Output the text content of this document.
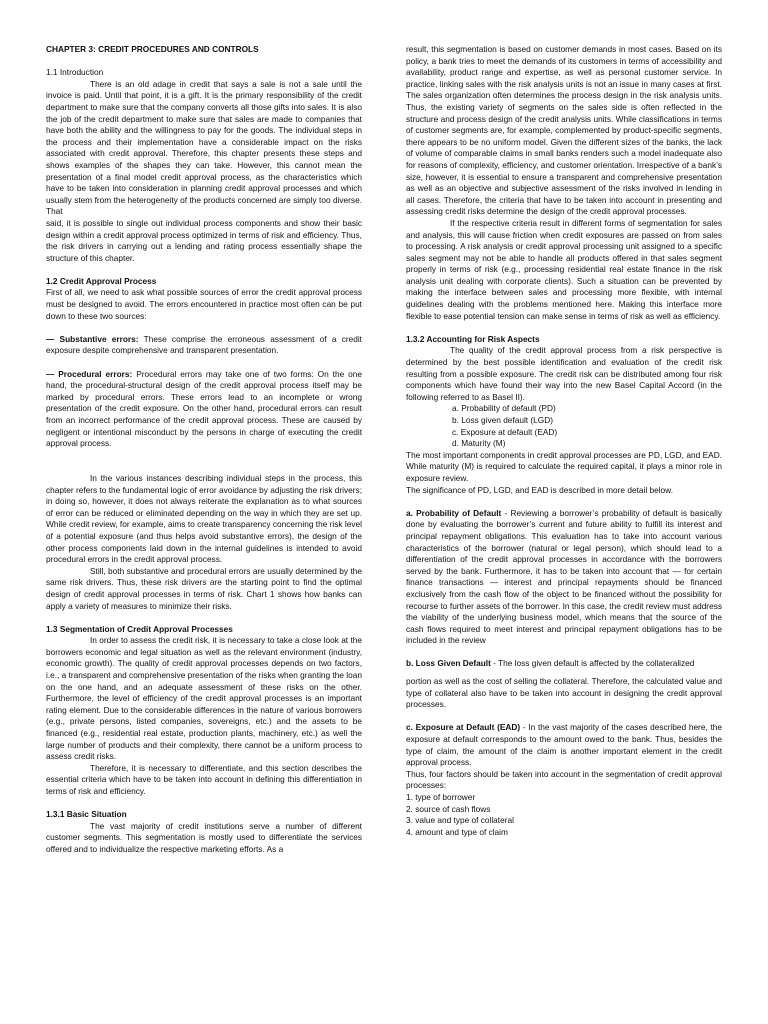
CHAPTER 3: CREDIT PROCEDURES AND CONTROLS
1.1 Introduction

There is an old adage in credit that says a sale is not a sale until the invoice is paid. Until that point, it is a gift. It is the primary responsibility of the credit department to make sure that the company converts all those gifts into sales. It is also the job of the credit department to make sure that sales are made to companies that have both the ability and the willingness to pay for the goods. The individual steps in the process and their implementation have a considerable impact on the risks associated with credit approval. Therefore, this chapter presents these steps and shows examples of the shapes they can take. However, this cannot mean the presentation of a final model credit approval process, as the characteristics which have to be taken into consideration in planning credit approval processes and which usually stem from the heterogeneity of the products concerned are simply too diverse. That

said, it is possible to single out individual process components and show their basic design within a credit approval process optimized in terms of risk and efficiency. Thus, the risk drivers in carrying out a lending and rating process essentially shape the structure of this chapter.

1.2 Credit Approval Process

First of all, we need to ask what possible sources of error the credit approval process must be designed to avoid. The errors encountered in practice most often can be put down to these two sources:

— Substantive errors: These comprise the erroneous assessment of a credit exposure despite comprehensive and transparent presentation.

— Procedural errors: Procedural errors may take one of two forms: On the one hand, the procedural-structural design of the credit approval process itself may be marked by procedural errors. These errors lead to an incomplete or wrong presentation of the credit exposure. On the other hand, procedural errors can result from an incorrect performance of the credit approval process. These are caused by negligent or intentional misconduct by the persons in charge of executing the credit approval process.

In the various instances describing individual steps in the process, this chapter refers to the fundamental logic of error avoidance by adjusting the risk drivers; in doing so, however, it does not always reiterate the explanation as to what sources of error can be reduced or eliminated depending on the way in which they are set up. While credit review, for example, aims to create transparency concerning the risk level of a potential exposure (and thus helps avoid substantive errors), the design of the other process components laid down in the internal guidelines is intended to avoid procedural errors in the credit approval process.

Still, both substantive and procedural errors are usually determined by the same risk drivers. Thus, these risk drivers are the starting point to find the optimal design of credit approval processes in terms of risk. Chart 1 shows how banks can apply a variety of measures to minimize their risks.

1.3 Segmentation of Credit Approval Processes

In order to assess the credit risk, it is necessary to take a close look at the borrowers economic and legal situation as well as the relevant environment (industry, economic growth). The quality of credit approval processes depends on two factors, i.e., a transparent and comprehensive presentation of the risks when granting the loan on the one hand, and an adequate assessment of these risks on the other. Furthermore, the level of efficiency of the credit approval processes is an important rating element. Due to the considerable differences in the nature of various borrowers (e.g., private persons, listed companies, sovereigns, etc.) and the assets to be financed (e.g., residential real estate, production plants, machinery, etc.) as well the large number of products and their complexity, there cannot be a uniform process to assess credit risks.

Therefore, it is necessary to differentiate, and this section describes the essential criteria which have to be taken into account in defining this differentiation in terms of risk and efficiency.

1.3.1 Basic Situation

The vast majority of credit institutions serve a number of different customer segments. This segmentation is mostly used to differentiate the services offered and to individualize the respective marketing efforts. As a

result, this segmentation is based on customer demands in most cases. Based on its policy, a bank tries to meet the demands of its customers in terms of accessibility and availability, product range and expertise, as well as personal customer service. In practice, linking sales with the risk analysis units is not an issue in many cases at first. The sales organization often determines the process design in the risk analysis units. Thus, the existing variety of segments on the sales side is often reflected in the structure and process design of the credit analysis units. While classifications in terms of customer segments are, for example, complemented by product-specific segments, there appears to be no uniform model. Given the different sizes of the banks, the lack of volume of comparable claims in small banks renders such a model inadequate also for reasons of complexity, efficiency, and customer orientation. Irrespective of a bank’s size, however, it is essential to ensure a transparent and comprehensive presentation as well as an objective and subjective assessment of the risks involved in lending in all cases. Therefore, the criteria that have to be taken into account in presenting and assessing credit risks determine the design of the credit approval processes.

If the respective criteria result in different forms of segmentation for sales and analysis, this will cause friction when credit exposures are passed on from sales to processing. A risk analysis or credit approval processing unit assigned to a specific sales segment may not be able to handle all products offered in that sales segment properly in terms of risk (e.g., processing residential real estate finance in the risk analysis unit dealing with corporate clients). Such a situation can be prevented by making the interface between sales and processing more flexible, with internal guidelines dealing with the problems mentioned here. Making this interface more flexible to ease potential tension can make sense in terms of risk as well as efficiency.

1.3.2 Accounting for Risk Aspects

The quality of the credit approval process from a risk perspective is determined by the best possible identification and evaluation of the credit risk resulting from a possible exposure. The credit risk can be distributed among four risk components which have found their way into the new Basel Capital Accord (in the following referred to as Basel II).

a. Probability of default (PD)
b. Loss given default (LGD)
c. Exposure at default (EAD)
d. Maturity (M)

The most important components in credit approval processes are PD, LGD, and EAD. While maturity (M) is required to calculate the required capital, it plays a minor role in exposure review.

The significance of PD, LGD, and EAD is described in more detail below.

a. Probability of Default - Reviewing a borrower’s probability of default is basically done by evaluating the borrower’s current and future ability to fulfill its interest and principal repayment obligations. This evaluation has to take into account various characteristics of the borrower (natural or legal person), which should lead to a differentiation of the credit approval processes in accordance with the borrowers served by the bank. Furthermore, it has to be taken into account that — for certain finance transactions — interest and principal repayments should be financed exclusively from the cash flow of the object to be financed without the possibility for recourse to further assets of the borrower. In this case, the credit review must address the viability of the underlying business model, which means that the source of the cash flows required to meet interest and principal repayment obligations has to be included in the review

b. Loss Given Default - The loss given default is affected by the collateralized

portion as well as the cost of selling the collateral. Therefore, the calculated value and type of collateral also have to be taken into account in designing the credit approval processes.

c. Exposure at Default (EAD) - In the vast majority of the cases described here, the exposure at default corresponds to the amount owed to the bank. Thus, besides the type of claim, the amount of the claim is another important element in the credit approval process.

Thus, four factors should be taken into account in the segmentation of credit approval processes:

1. type of borrower
2. source of cash flows
3. value and type of collateral
4. amount and type of claim
